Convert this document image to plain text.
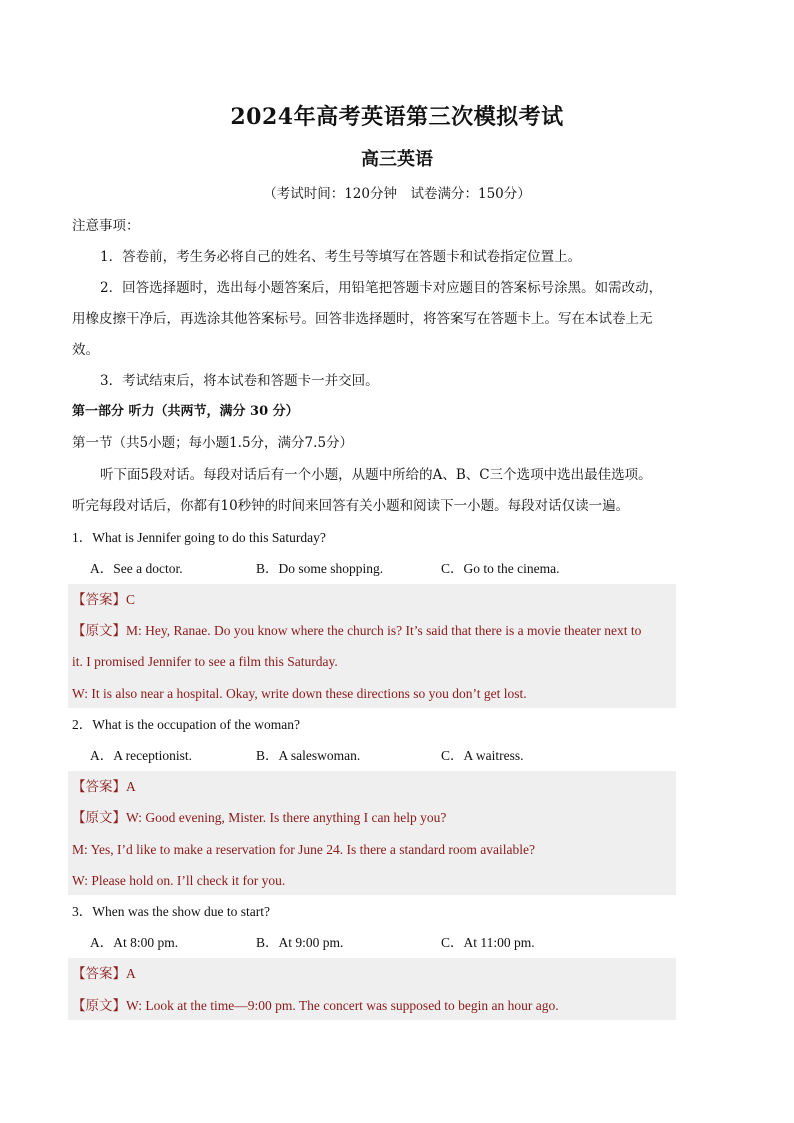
2024年高考英语第三次模拟考试
高三英语
（考试时间：120分钟　试卷满分：150分）
注意事项：
1．答卷前，考生务必将自己的姓名、考生号等填写在答题卡和试卷指定位置上。
2．回答选择题时，选出每小题答案后，用铅笔把答题卡对应题目的答案标号涂黑。如需改动，
用橡皮擦干净后，再选涂其他答案标号。回答非选择题时，将答案写在答题卡上。写在本试卷上无
效。
3．考试结束后，将本试卷和答题卡一并交回。
第一部分 听力（共两节，满分 30 分）
第一节（共5小题；每小题1.5分，满分7.5分）
听下面5段对话。每段对话后有一个小题，从题中所给的A、B、C三个选项中选出最佳选项。
听完每段对话后，你都有10秒钟的时间来回答有关小题和阅读下一小题。每段对话仅读一遍。
1．What is Jennifer going to do this Saturday?
A．See a doctor.	B．Do some shopping.	C．Go to the cinema.
【答案】C
【原文】M: Hey, Ranae. Do you know where the church is? It’s said that there is a movie theater next to
it. I promised Jennifer to see a film this Saturday.
W: It is also near a hospital. Okay, write down these directions so you don’t get lost.
2．What is the occupation of the woman?
A．A receptionist.	B．A saleswoman.	C．A waitress.
【答案】A
【原文】W: Good evening, Mister. Is there anything I can help you?
M: Yes, I’d like to make a reservation for June 24. Is there a standard room available?
W: Please hold on. I’ll check it for you.
3．When was the show due to start?
A．At 8:00 pm.	B．At 9:00 pm.	C．At 11:00 pm.
【答案】A
【原文】W: Look at the time—9:00 pm. The concert was supposed to begin an hour ago.
